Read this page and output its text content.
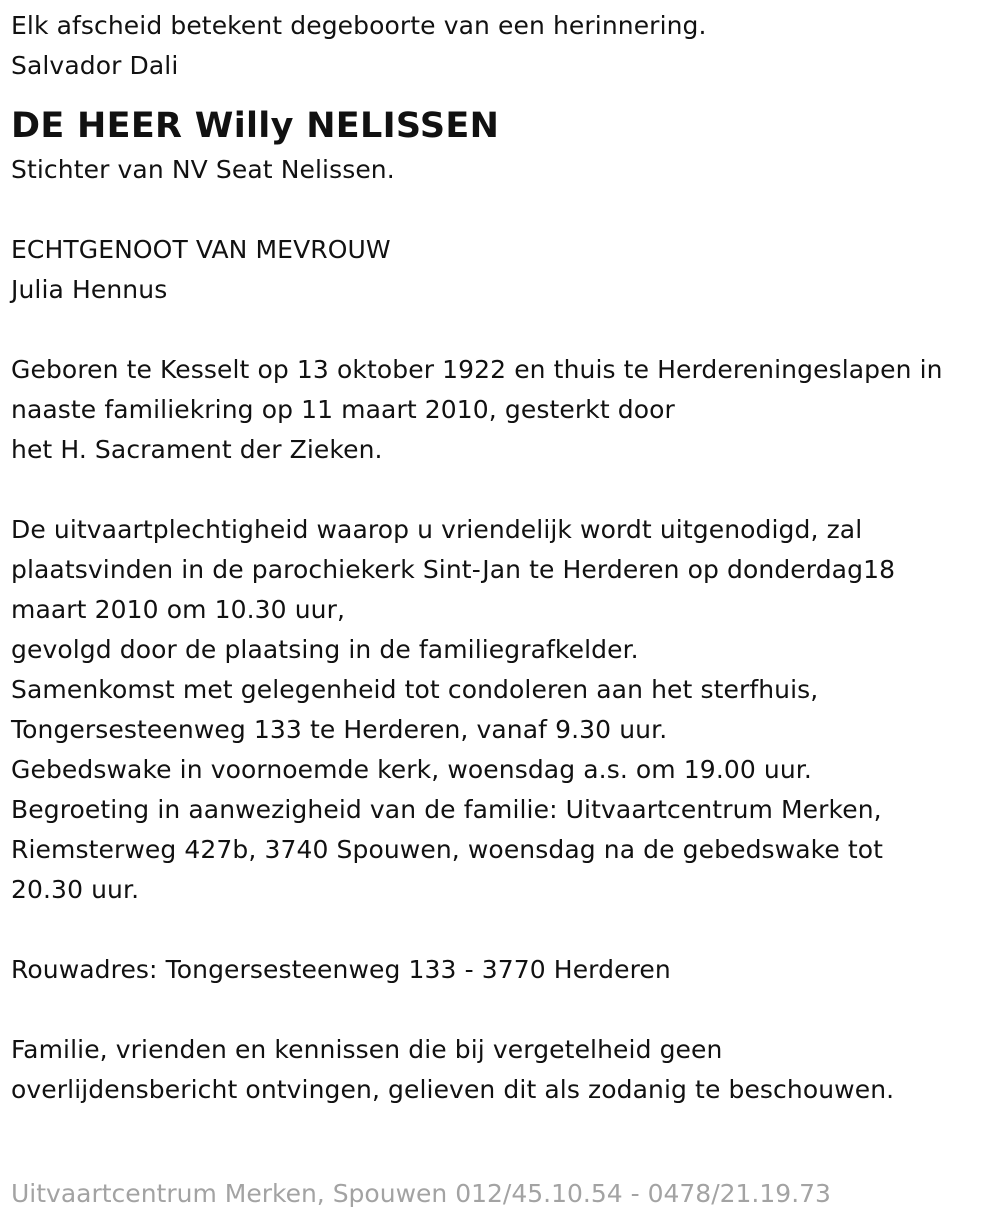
Elk afscheid betekent degeboorte van een herinnering.
Salvador Dali
DE HEER Willy NELISSEN
Stichter van NV Seat Nelissen.
ECHTGENOOT VAN MEVROUW
Julia Hennus
Geboren te Kesselt op 13 oktober 1922 en thuis te Herdereningeslapen in
naaste familiekring op 11 maart 2010, gesterkt door
het H. Sacrament der Zieken.
De uitvaartplechtigheid waarop u vriendelijk wordt uitgenodigd, zal
plaatsvinden in de parochiekerk Sint-Jan te Herderen op donderdag18
maart 2010 om 10.30 uur,
gevolgd door de plaatsing in de familiegrafkelder.
Samenkomst met gelegenheid tot condoleren aan het sterfhuis,
Tongersesteenweg 133 te Herderen, vanaf 9.30 uur.
Gebedswake in voornoemde kerk, woensdag a.s. om 19.00 uur.
Begroeting in aanwezigheid van de familie: Uitvaartcentrum Merken,
Riemsterweg 427b, 3740 Spouwen, woensdag na de gebedswake tot
20.30 uur.
Rouwadres: Tongersesteenweg 133 - 3770 Herderen
Familie, vrienden en kennissen die bij vergetelheid geen
overlijdensbericht ontvingen, gelieven dit als zodanig te beschouwen.
Uitvaartcentrum Merken, Spouwen 012/45.10.54 - 0478/21.19.73
